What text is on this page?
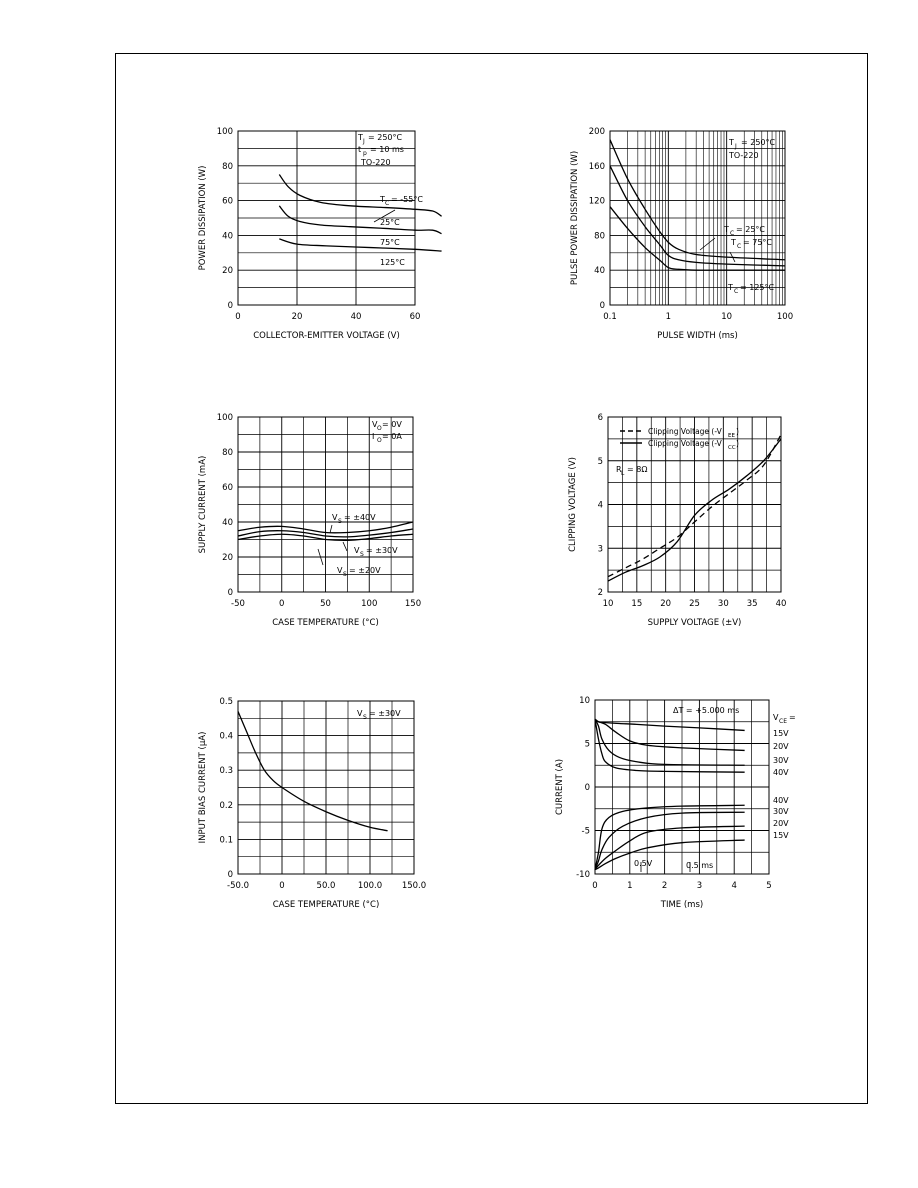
0	20	40	60
0
20
40
60
80
100
COLLECTOR-EMITTER VOLTAGE (V)
POWER DISSIPATION (W)
T J = 250°C
t p = 10 ms
TO-220
T C = -55°C
25°C
75°C
125°C
0.1	1	10	100
0
40
80
120
160
200
PULSE WIDTH (ms)
PULSE POWER DISSIPATION (W)
T J = 250°C
TO-220
T C = 25°C
T C = 75°C
T C = 125°C
-50	0	50	100	150
0
20
40
60
80
100
CASE TEMPERATURE (°C)
SUPPLY CURRENT (mA)
V O = 0V
I O = 0A
V S = ±40V
V S = ±30V
V S = ±20V
10 15 20 25 30 35 40
2
3
4
5
6
SUPPLY VOLTAGE (±V)
CLIPPING VOLTAGE (V)	R L = 8Ω
Clipping Voltage (-V EE )
Clipping Voltage (-V CC )
-50.0	0	50.0	100.0 150.0
0
0.1
0.2
0.3
0.4
0.5
CASE TEMPERATURE (°C)
INPUT BIAS CURRENT (µA)
V S = ±30V
0	1	2	3	4	5
-10
-5
0
5
10
TIME (ms)
CURRENT (A)
ΔT = +5.000 ms
V CE =
0.5V	0.5 ms
15V
20V
30V
40V
40V
30V
20V
15V
